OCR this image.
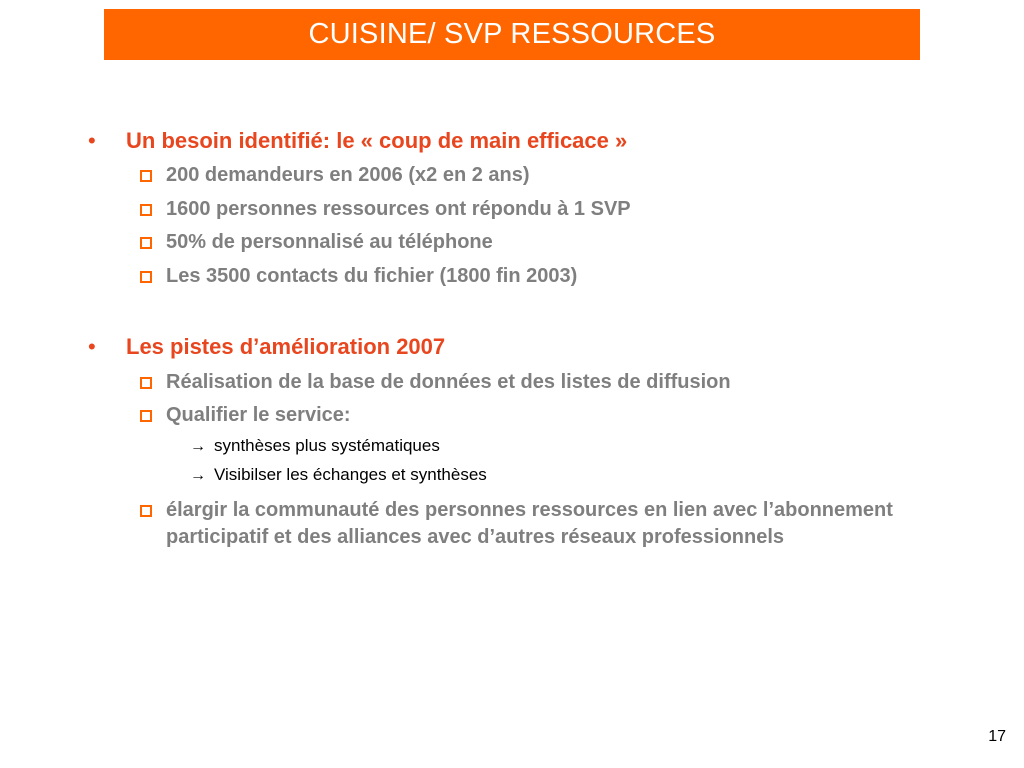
CUISINE/ SVP RESSOURCES
•	Un besoin identifié: le « coup de main efficace »
200 demandeurs en 2006 (x2 en 2 ans)
1600 personnes ressources ont répondu à 1 SVP
50% de personnalisé au téléphone
Les 3500 contacts du fichier (1800 fin 2003)
•	Les pistes d’amélioration 2007
Réalisation de la base de données et des listes de diffusion
Qualifier le service:
→ synthèses plus systématiques
→ Visibilser les échanges et synthèses
élargir la communauté des personnes ressources en lien avec l’abonnement participatif et des alliances avec d’autres réseaux professionnels
17
